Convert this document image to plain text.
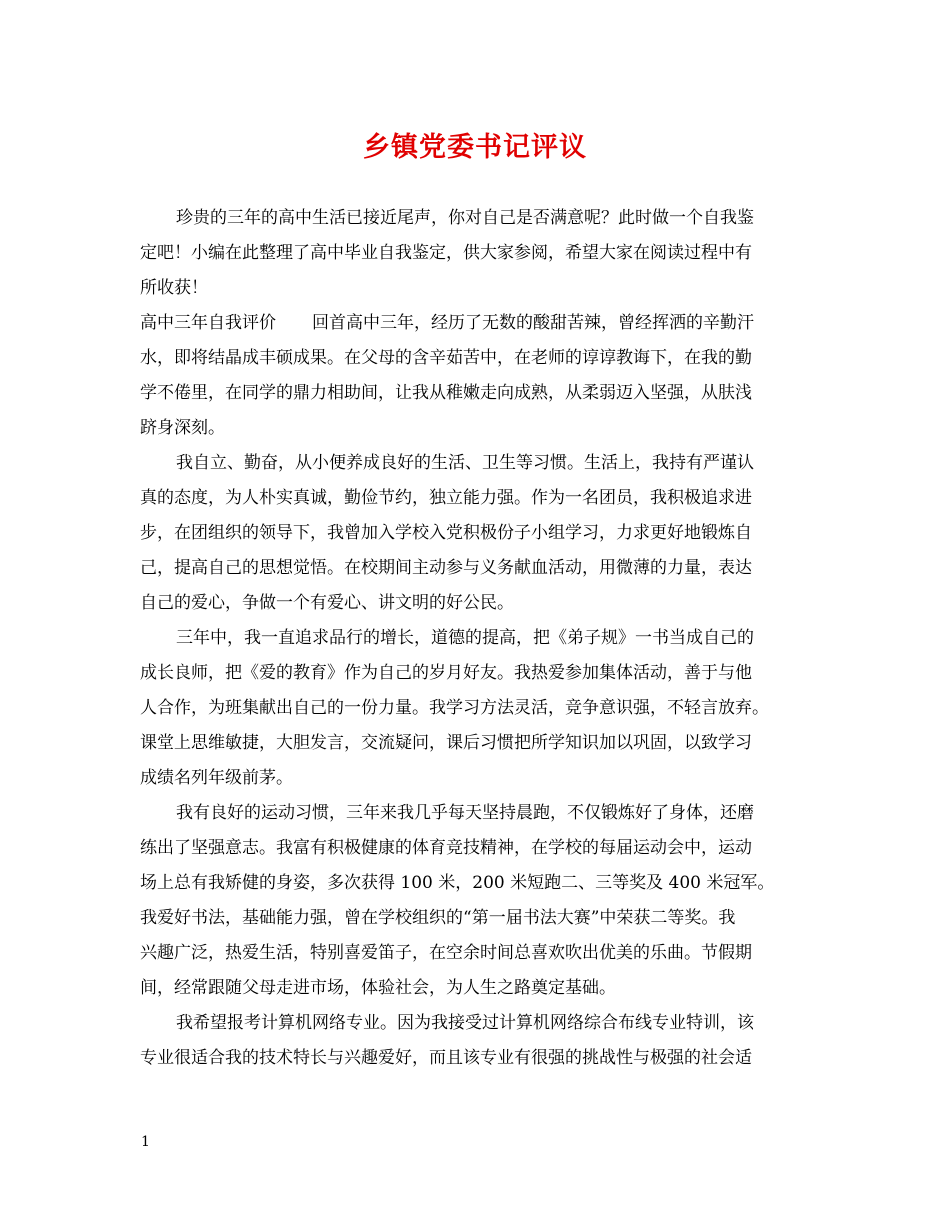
乡镇党委书记评议
珍贵的三年的高中生活已接近尾声，你对自己是否满意呢？此时做一个自我鉴
定吧！小编在此整理了高中毕业自我鉴定，供大家参阅，希望大家在阅读过程中有
所收获！
高中三年自我评价 回首高中三年，经历了无数的酸甜苦辣，曾经挥洒的辛勤汗
水，即将结晶成丰硕成果。在父母的含辛茹苦中，在老师的谆谆教诲下，在我的勤
学不倦里，在同学的鼎力相助间，让我从稚嫩走向成熟，从柔弱迈入坚强，从肤浅
跻身深刻。
我自立、勤奋，从小便养成良好的生活、卫生等习惯。生活上，我持有严谨认
真的态度，为人朴实真诚，勤俭节约，独立能力强。作为一名团员，我积极追求进
步，在团组织的领导下，我曾加入学校入党积极份子小组学习，力求更好地锻炼自
己，提高自己的思想觉悟。在校期间主动参与义务献血活动，用微薄的力量，表达
自己的爱心，争做一个有爱心、讲文明的好公民。
三年中，我一直追求品行的增长，道德的提高，把《弟子规》一书当成自己的
成长良师，把《爱的教育》作为自己的岁月好友。我热爱参加集体活动，善于与他
人合作，为班集献出自己的一份力量。我学习方法灵活，竞争意识强，不轻言放弃。
课堂上思维敏捷，大胆发言，交流疑问，课后习惯把所学知识加以巩固，以致学习
成绩名列年级前茅。
我有良好的运动习惯，三年来我几乎每天坚持晨跑，不仅锻炼好了身体，还磨
练出了坚强意志。我富有积极健康的体育竞技精神，在学校的每届运动会中，运动
场上总有我矫健的身姿，多次获得 100 米，200 米短跑二、三等奖及 400 米冠军。
我爱好书法，基础能力强，曾在学校组织的“第一届书法大赛”中荣获二等奖。我
兴趣广泛，热爱生活，特别喜爱笛子，在空余时间总喜欢吹出优美的乐曲。节假期
间，经常跟随父母走进市场，体验社会，为人生之路奠定基础。
我希望报考计算机网络专业。因为我接受过计算机网络综合布线专业特训，该
专业很适合我的技术特长与兴趣爱好，而且该专业有很强的挑战性与极强的社会适
1
